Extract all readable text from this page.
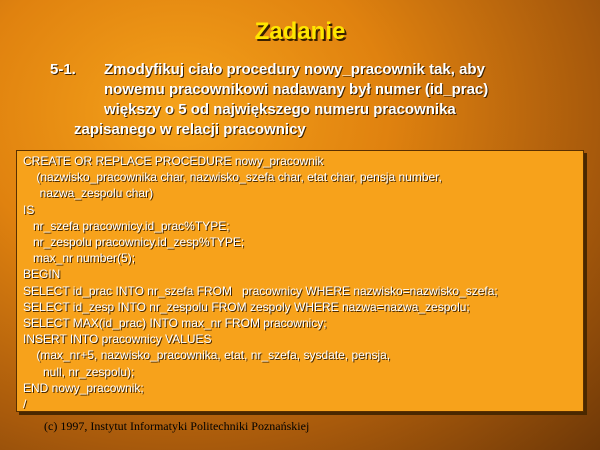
Zadanie
5-1. Zmodyfikuj ciało procedury nowy_pracownik tak, aby
nowemu pracownikowi nadawany był numer (id_prac)
większy o 5 od największego numeru pracownika
zapisanego w relacji pracownicy
CREATE OR REPLACE PROCEDURE nowy_pracownik
(nazwisko_pracownika char, nazwisko_szefa char, etat char, pensja number,
nazwa_zespolu char)
IS
nr_szefa pracownicy.id_prac%TYPE;
nr_zespolu pracownicy.id_zesp%TYPE;
max_nr number(5);
BEGIN
SELECT id_prac INTO nr_szefa FROM   pracownicy WHERE nazwisko=nazwisko_szefa;
SELECT id_zesp INTO nr_zespolu FROM zespoly WHERE nazwa=nazwa_zespolu;
SELECT MAX(id_prac) INTO max_nr FROM pracownicy;
INSERT INTO pracownicy VALUES
(max_nr+5, nazwisko_pracownika, etat, nr_szefa, sysdate, pensja,
null, nr_zespolu);
END nowy_pracownik;
/
(c) 1997, Instytut Informatyki Politechniki Poznańskiej
